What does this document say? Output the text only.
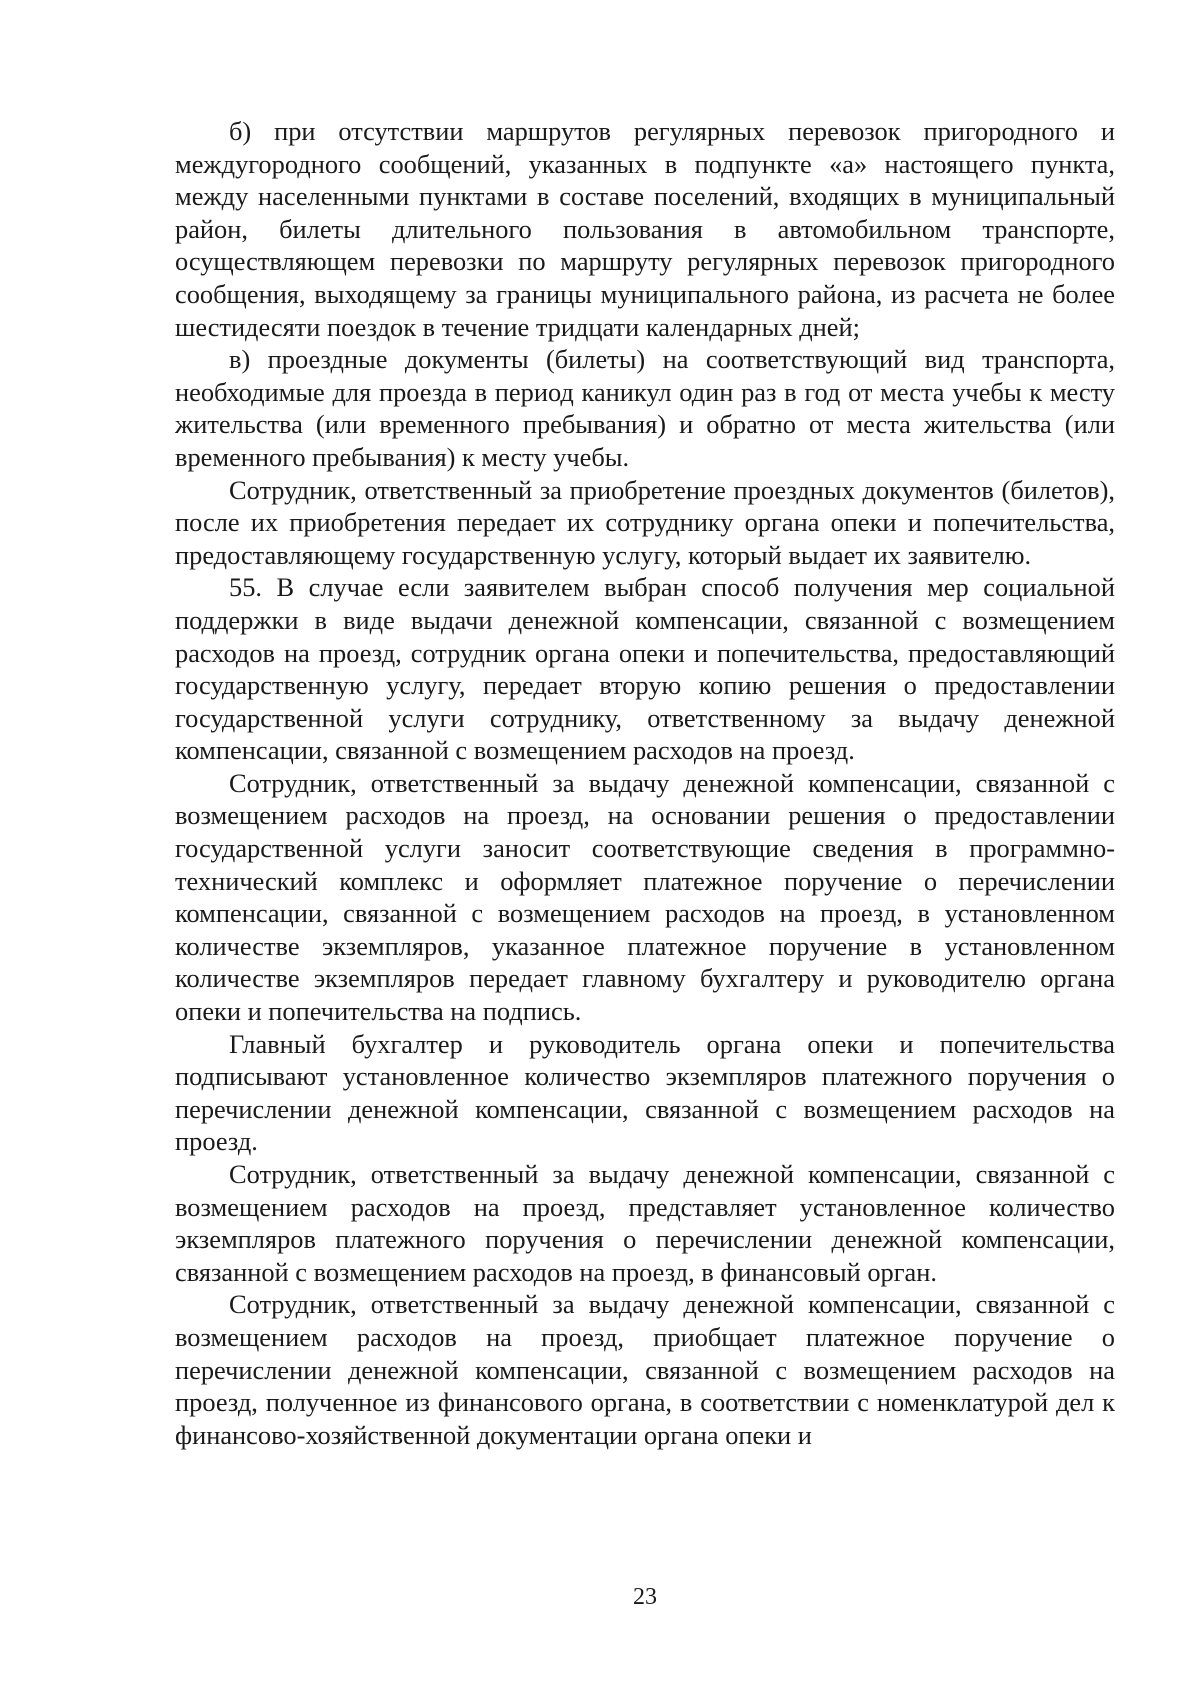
б) при отсутствии маршрутов регулярных перевозок пригородного и междугородного сообщений, указанных в подпункте «а» настоящего пункта, между населенными пунктами в составе поселений, входящих в муниципальный район, билеты длительного пользования в автомобильном транспорте, осуществляющем перевозки по маршруту регулярных перевозок пригородного сообщения, выходящему за границы муниципального района, из расчета не более шестидесяти поездок в течение тридцати календарных дней;

в) проездные документы (билеты) на соответствующий вид транспорта, необходимые для проезда в период каникул один раз в год от места учебы к месту жительства (или временного пребывания) и обратно от места жительства (или временного пребывания) к месту учебы.

Сотрудник, ответственный за приобретение проездных документов (билетов), после их приобретения передает их сотруднику органа опеки и попечительства, предоставляющему государственную услугу, который выдает их заявителю.

55. В случае если заявителем выбран способ получения мер социальной поддержки в виде выдачи денежной компенсации, связанной с возмещением расходов на проезд, сотрудник органа опеки и попечительства, предоставляющий государственную услугу, передает вторую копию решения о предоставлении государственной услуги сотруднику, ответственному за выдачу денежной компенсации, связанной с возмещением расходов на проезд.

Сотрудник, ответственный за выдачу денежной компенсации, связанной с возмещением расходов на проезд, на основании решения о предоставлении государственной услуги заносит соответствующие сведения в программно-технический комплекс и оформляет платежное поручение о перечислении компенсации, связанной с возмещением расходов на проезд, в установленном количестве экземпляров, указанное платежное поручение в установленном количестве экземпляров передает главному бухгалтеру и руководителю органа опеки и попечительства на подпись.

Главный бухгалтер и руководитель органа опеки и попечительства подписывают установленное количество экземпляров платежного поручения о перечислении денежной компенсации, связанной с возмещением расходов на проезд.

Сотрудник, ответственный за выдачу денежной компенсации, связанной с возмещением расходов на проезд, представляет установленное количество экземпляров платежного поручения о перечислении денежной компенсации, связанной с возмещением расходов на проезд, в финансовый орган.

Сотрудник, ответственный за выдачу денежной компенсации, связанной с возмещением расходов на проезд, приобщает платежное поручение о перечислении денежной компенсации, связанной с возмещением расходов на проезд, полученное из финансового органа, в соответствии с номенклатурой дел к финансово-хозяйственной документации органа опеки и

23
